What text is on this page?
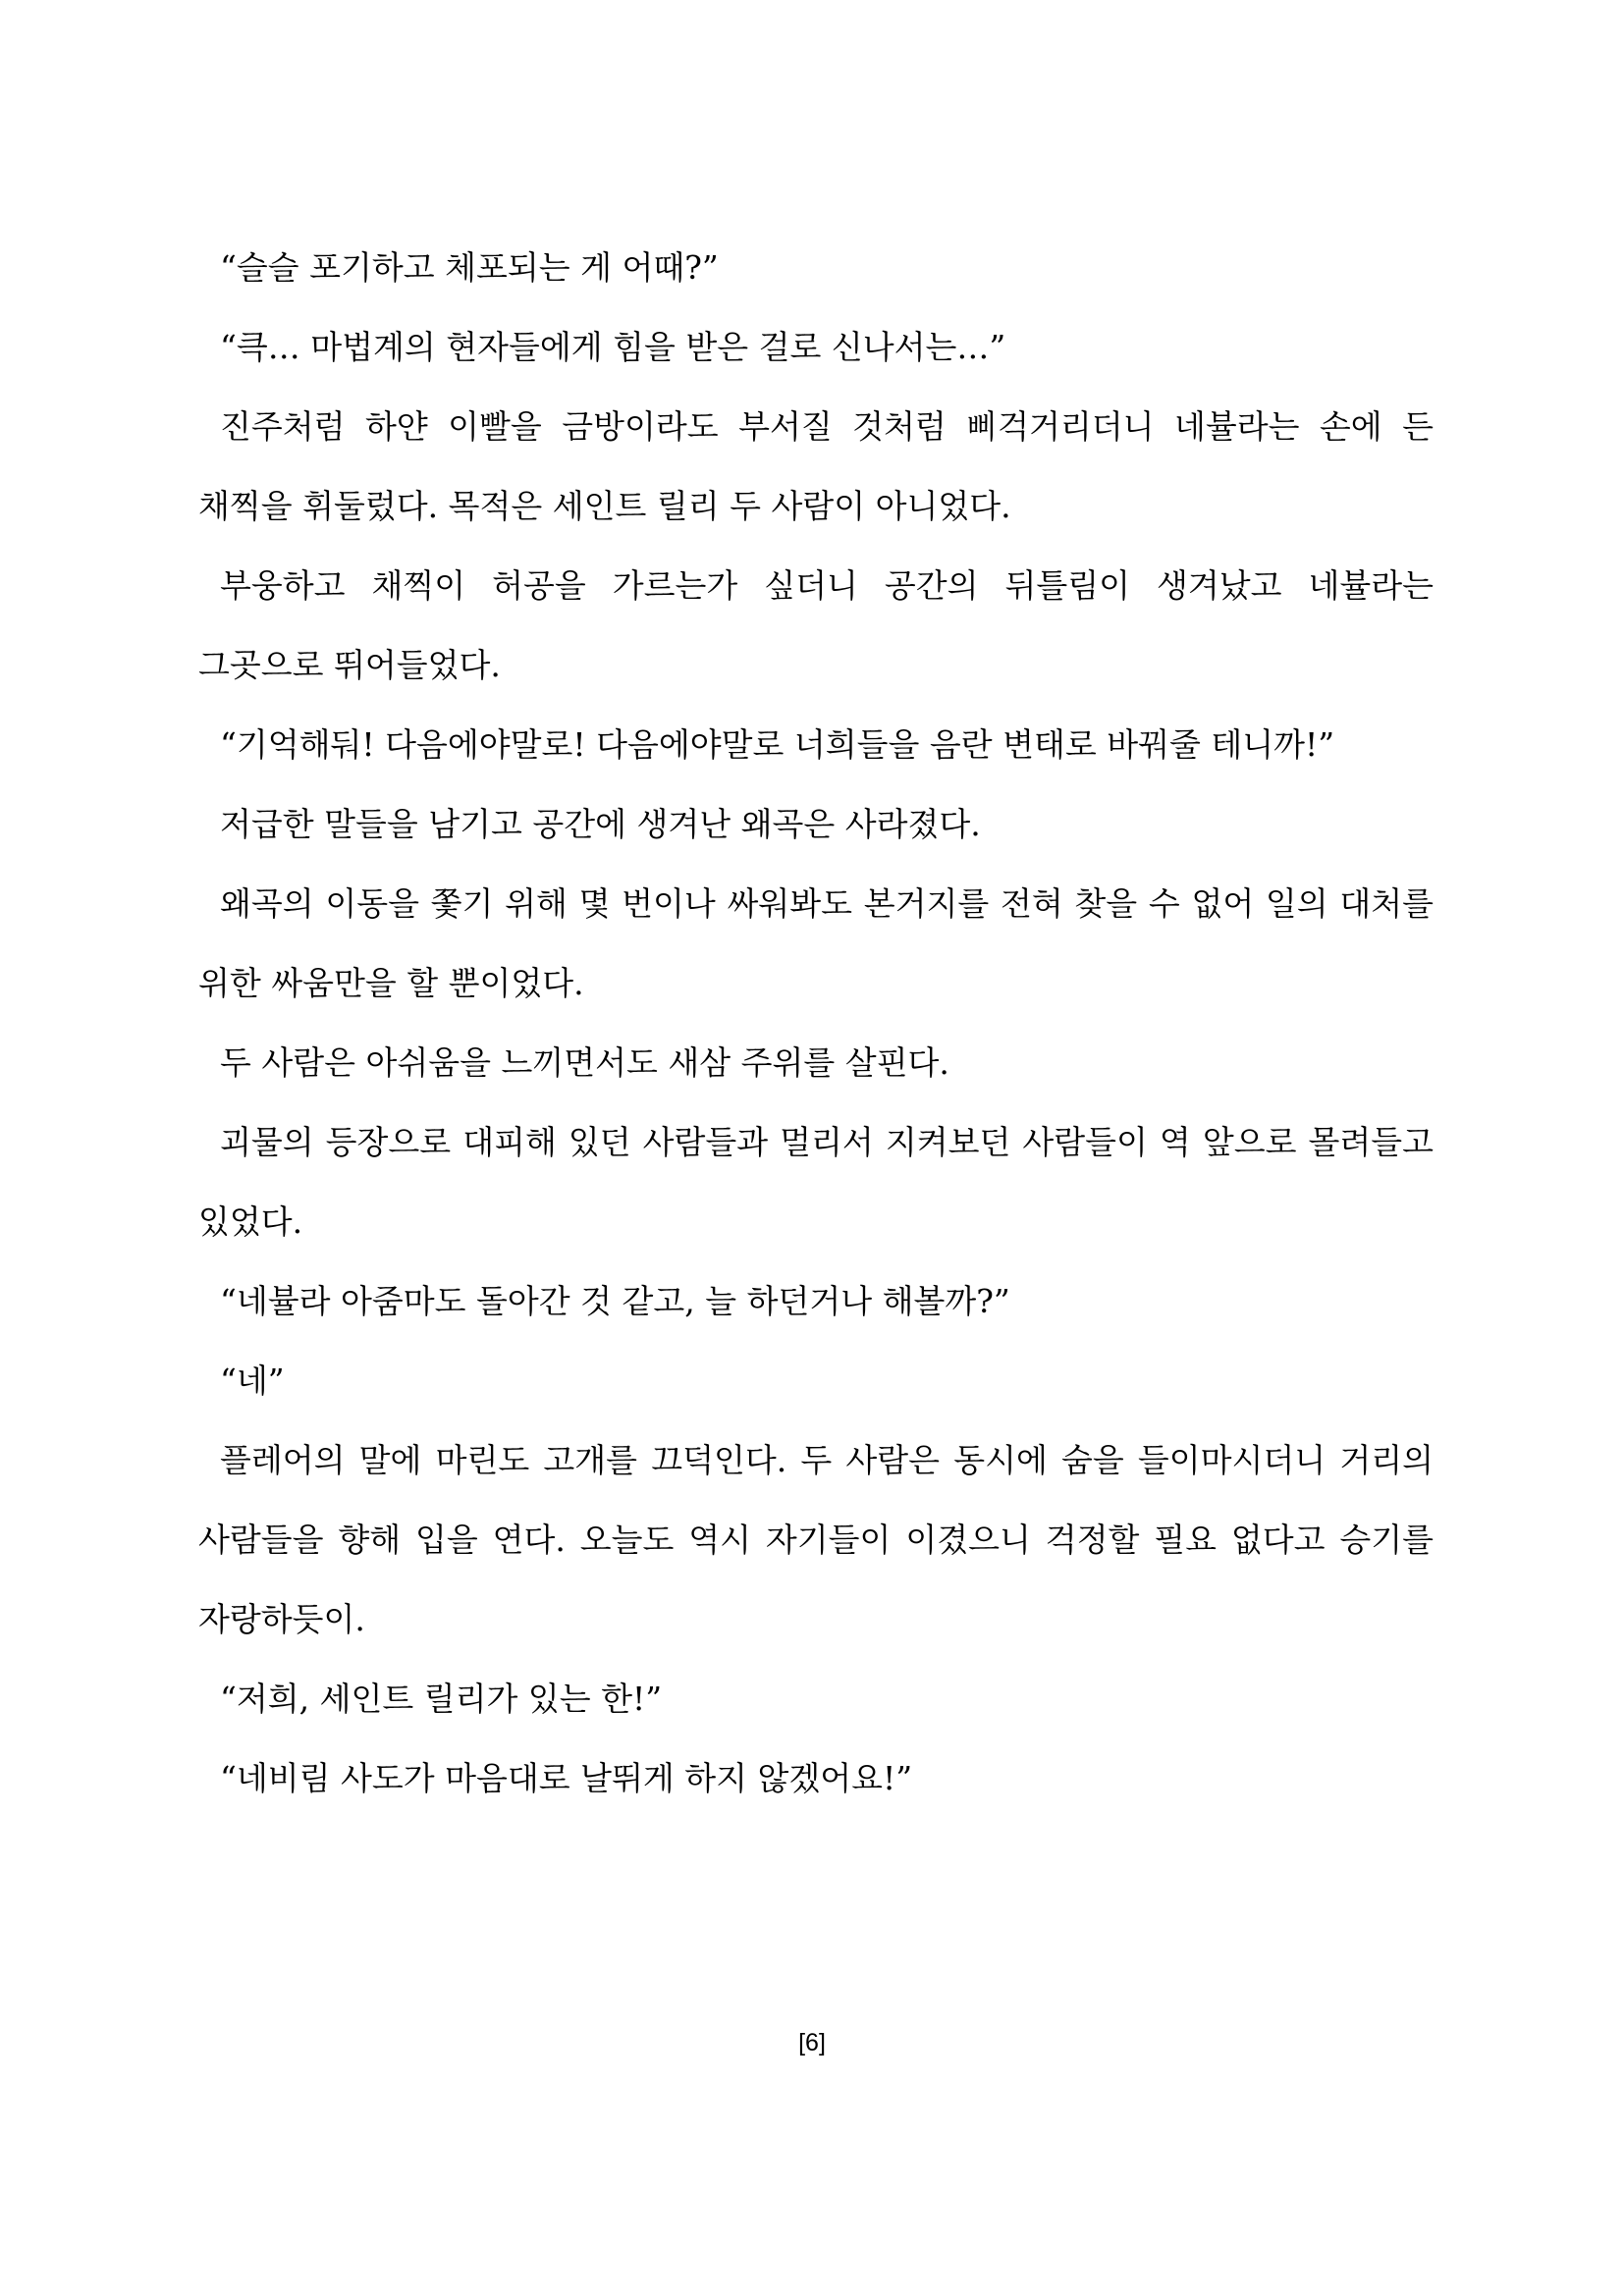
“슬슬 포기하고 체포되는 게 어때?”

“큭… 마법계의 현자들에게 힘을 받은 걸로 신나서는…”

진주처럼 하얀 이빨을 금방이라도 부서질 것처럼 삐걱거리더니 네뷸라는 손에 든 채찍을 휘둘렀다. 목적은 세인트 릴리 두 사람이 아니었다.

부웅하고 채찍이 허공을 가르는가 싶더니 공간의 뒤틀림이 생겨났고 네뷸라는 그곳으로 뛰어들었다.

“기억해둬! 다음에야말로! 다음에야말로 너희들을 음란 변태로 바꿔줄 테니까!”

저급한 말들을 남기고 공간에 생겨난 왜곡은 사라졌다.

왜곡의 이동을 쫓기 위해 몇 번이나 싸워봐도 본거지를 전혀 찾을 수 없어 일의 대처를 위한 싸움만을 할 뿐이었다.

두 사람은 아쉬움을 느끼면서도 새삼 주위를 살핀다.

괴물의 등장으로 대피해 있던 사람들과 멀리서 지켜보던 사람들이 역 앞으로 몰려들고 있었다.

“네뷸라 아줌마도 돌아간 것 같고, 늘 하던거나 해볼까?”

“네”

플레어의 말에 마린도 고개를 끄덕인다. 두 사람은 동시에 숨을 들이마시더니 거리의 사람들을 향해 입을 연다. 오늘도 역시 자기들이 이겼으니 걱정할 필요 없다고 승기를 자랑하듯이.

“저희, 세인트 릴리가 있는 한!”

“네비림 사도가 마음대로 날뛰게 하지 않겠어요!”

[6]
